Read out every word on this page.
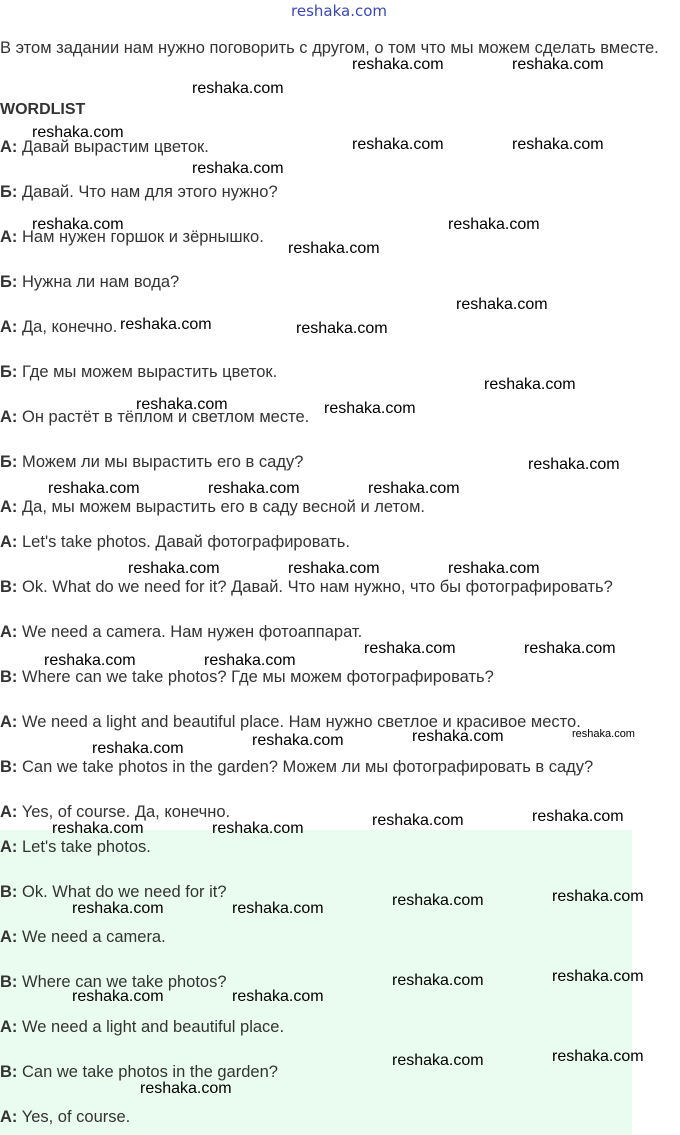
reshaka.com
В этом задании нам нужно поговорить с другом, о том что мы можем сделать вместе.
WORDLIST
А: Давай вырастим цветок.
Б: Давай. Что нам для этого нужно?
А: Нам нужен горшок и зёрнышко.
Б: Нужна ли нам вода?
А: Да, конечно.
Б: Где мы можем вырастить цветок.
А: Он растёт в тёплом и светлом месте.
Б: Можем ли мы вырастить его в саду?
А: Да, мы можем вырастить его в саду весной и летом.
A: Let's take photos. Давай фотографировать.
B: Ok. What do we need for it? Давай. Что нам нужно, что бы фотографировать?
A: We need a camera. Нам нужен фотоаппарат.
B: Where can we take photos? Где мы можем фотографировать?
A: We need a light and beautiful place. Нам нужно светлое и красивое место.
B: Can we take photos in the garden? Можем ли мы фотографировать в саду?
A: Yes, of course. Да, конечно.
A: Let's take photos.
B: Ok. What do we need for it?
A: We need a camera.
B: Where can we take photos?
A: We need a light and beautiful place.
B: Can we take photos in the garden?
A: Yes, of course.
reshaka.com	reshaka.com
reshaka.com
reshaka.com
reshaka.com	reshaka.com
reshaka.com
reshaka.com	reshaka.com
reshaka.com
reshaka.com
reshaka.com	reshaka.com
reshaka.com
reshaka.com	reshaka.com
reshaka.com
reshaka.com	reshaka.com	reshaka.com
reshaka.com	reshaka.com	reshaka.com
reshaka.com	reshaka.com
reshaka.com	reshaka.com
reshaka.com	reshaka.com	reshaka.com
reshaka.com
reshaka.com
reshaka.com
reshaka.com	reshaka.com
reshaka.com
reshaka.com
reshaka.com	reshaka.com
reshaka.com
reshaka.com
reshaka.com	reshaka.com
reshaka.com
reshaka.com
reshaka.com
